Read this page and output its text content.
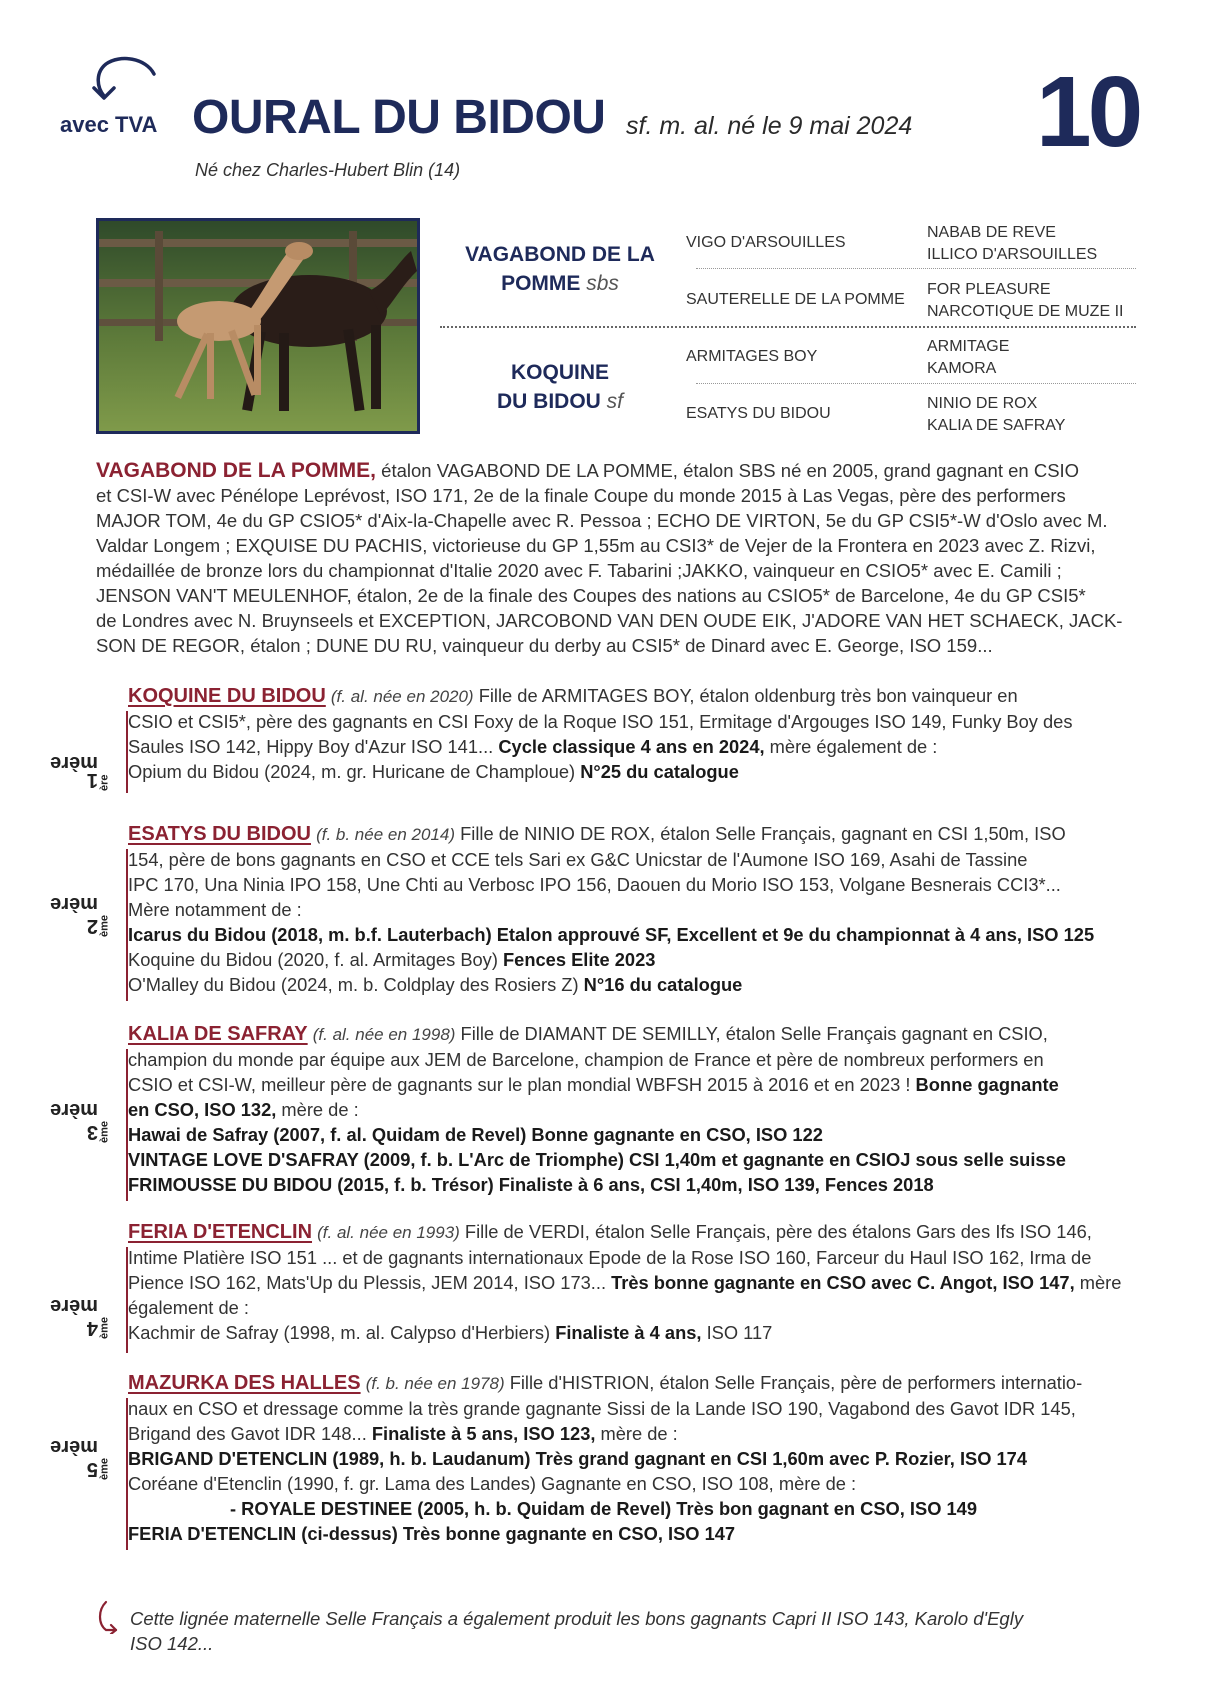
avec TVA OURAL DU BIDOU sf. m. al. né le 9 mai 2024 10
Né chez Charles-Hubert Blin (14)
VAGABOND DE LA
POMME sbs
KOQUINE
DU BIDOU sf
VIGO D'ARSOUILLES
SAUTERELLE DE LA POMME
ARMITAGES BOY
ESATYS DU BIDOU
NABAB DE REVE
ILLICO D'ARSOUILLES
FOR PLEASURE
NARCOTIQUE DE MUZE II
ARMITAGE
KAMORA
NINIO DE ROX
KALIA DE SAFRAY
VAGABOND DE LA POMME, étalon VAGABOND DE LA POMME, étalon SBS né en 2005, grand gagnant en CSIO
et CSI-W avec Pénélope Leprévost, ISO 171, 2e de la finale Coupe du monde 2015 à Las Vegas, père des performers
MAJOR TOM, 4e du GP CSIO5* d'Aix-la-Chapelle avec R. Pessoa ; ECHO DE VIRTON, 5e du GP CSI5*-W d'Oslo avec M.
Valdar Longem ; EXQUISE DU PACHIS, victorieuse du GP 1,55m au CSI3* de Vejer de la Frontera en 2023 avec Z. Rizvi,
médaillée de bronze lors du championnat d'Italie 2020 avec F. Tabarini ;JAKKO, vainqueur en CSIO5* avec E. Camili ;
JENSON VAN'T MEULENHOF, étalon, 2e de la finale des Coupes des nations au CSIO5* de Barcelone, 4e du GP CSI5*
de Londres avec N. Bruynseels et EXCEPTION, JARCOBOND VAN DEN OUDE EIK, J'ADORE VAN HET SCHAECK, JACK-
SON DE REGOR, étalon ; DUNE DU RU, vainqueur du derby au CSI5* de Dinard avec E. George, ISO 159...
1 $^{ère}$
mère
KOQUINE DU BIDOU (f. al. née en 2020) Fille de ARMITAGES BOY, étalon oldenburg très bon vainqueur en
CSIO et CSI5*, père des gagnants en CSI Foxy de la Roque ISO 151, Ermitage d'Argouges ISO 149, Funky Boy des
Saules ISO 142, Hippy Boy d'Azur ISO 141... Cycle classique 4 ans en 2024, mère également de :
Opium du Bidou (2024, m. gr. Huricane de Champloue) N°25 du catalogue
2 $^{ème}$
mère
ESATYS DU BIDOU (f. b. née en 2014) Fille de NINIO DE ROX, étalon Selle Français, gagnant en CSI 1,50m, ISO
154, père de bons gagnants en CSO et CCE tels Sari ex G&C Unicstar de l'Aumone ISO 169, Asahi de Tassine
IPC 170, Una Ninia IPO 158, Une Chti au Verbosc IPO 156, Daouen du Morio ISO 153, Volgane Besnerais CCI3*...
Mère notamment de :
Icarus du Bidou (2018, m. b.f. Lauterbach) Etalon approuvé SF, Excellent et 9e du championnat à 4 ans, ISO 125
Koquine du Bidou (2020, f. al. Armitages Boy) Fences Elite 2023
O'Malley du Bidou (2024, m. b. Coldplay des Rosiers Z) N°16 du catalogue
3 $^{ème}$
mère
KALIA DE SAFRAY (f. al. née en 1998) Fille de DIAMANT DE SEMILLY, étalon Selle Français gagnant en CSIO,
champion du monde par équipe aux JEM de Barcelone, champion de France et père de nombreux performers en
CSIO et CSI-W, meilleur père de gagnants sur le plan mondial WBFSH 2015 à 2016 et en 2023 ! Bonne gagnante
en CSO, ISO 132, mère de :
Hawai de Safray (2007, f. al. Quidam de Revel) Bonne gagnante en CSO, ISO 122
VINTAGE LOVE D'SAFRAY (2009, f. b. L'Arc de Triomphe) CSI 1,40m et gagnante en CSIOJ sous selle suisse
FRIMOUSSE DU BIDOU (2015, f. b. Trésor) Finaliste à 6 ans, CSI 1,40m, ISO 139, Fences 2018
4 $^{ème}$
mère
FERIA D'ETENCLIN (f. al. née en 1993) Fille de VERDI, étalon Selle Français, père des étalons Gars des Ifs ISO 146,
Intime Platière ISO 151 ... et de gagnants internationaux Epode de la Rose ISO 160, Farceur du Haul ISO 162, Irma de
Pience ISO 162, Mats'Up du Plessis, JEM 2014, ISO 173... Très bonne gagnante en CSO avec C. Angot, ISO 147, mère
également de :
Kachmir de Safray (1998, m. al. Calypso d'Herbiers) Finaliste à 4 ans, ISO 117
5 $^{ème}$
mère
MAZURKA DES HALLES (f. b. née en 1978) Fille d'HISTRION, étalon Selle Français, père de performers internatio-
naux en CSO et dressage comme la très grande gagnante Sissi de la Lande ISO 190, Vagabond des Gavot IDR 145,
Brigand des Gavot IDR 148... Finaliste à 5 ans, ISO 123, mère de :
BRIGAND D'ETENCLIN (1989, h. b. Laudanum) Très grand gagnant en CSI 1,60m avec P. Rozier, ISO 174
Coréane d'Etenclin (1990, f. gr. Lama des Landes) Gagnante en CSO, ISO 108, mère de :
- ROYALE DESTINEE (2005, h. b. Quidam de Revel) Très bon gagnant en CSO, ISO 149
FERIA D'ETENCLIN (ci-dessus) Très bonne gagnante en CSO, ISO 147
Cette lignée maternelle Selle Français a également produit les bons gagnants Capri II ISO 143, Karolo d'Egly
ISO 142...
